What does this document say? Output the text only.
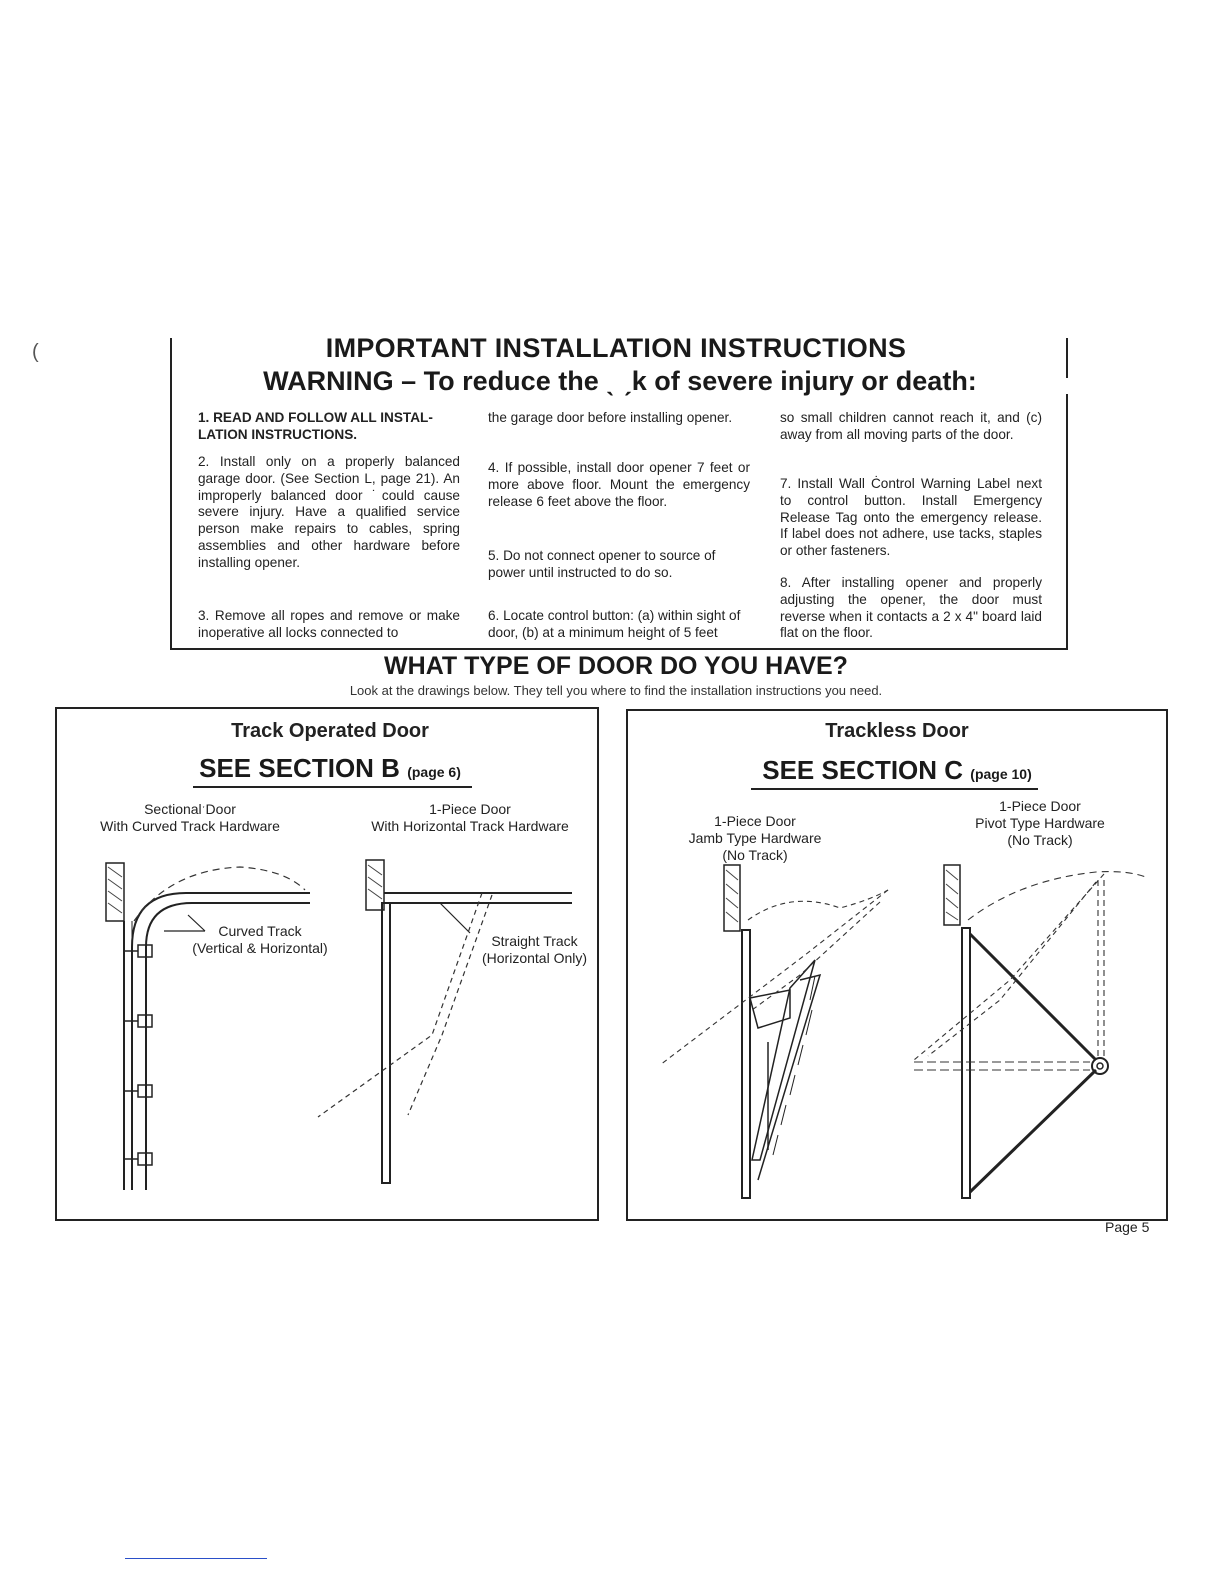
(	IMPORTANT INSTALLATION INSTRUCTIONS
WARNING – To reduce the ˎ ˏk of severe injury or death:

1. READ AND FOLLOW ALL INSTAL-
LATION INSTRUCTIONS.

2. Install only on a properly balanced garage door. (See Section L, page 21). An improperly balanced door ˙could cause severe injury. Have a qualified service person make repairs to cables, spring assemblies and other hardware before installing opener.

3. Remove all ropes and remove or make inoperative all locks connected to

the garage door before installing opener.

4. If possible, install door opener 7 feet or more above floor. Mount the emergency release 6 feet above the floor.

5. Do not connect opener to source of power until instructed to do so.

6. Locate control button: (a) within sight of door, (b) at a minimum height of 5 feet

so small children cannot reach it, and (c) away from all moving parts of the door.

7. Install Wall Ċontrol Warning Label next to control button. Install Emergency Release Tag onto the emergency release. If label does not adhere, use tacks, staples or other fasteners.

8. After installing opener and properly adjusting the opener, the door must reverse when it contacts a 2 x 4" board laid flat on the floor.

WHAT TYPE OF DOOR DO YOU HAVE?
Look at the drawings below. They tell you where to find the installation instructions you need.
Track Operated Door
SEE SECTION B (page 6)
SectionalˑDoor
With Curved Track Hardware
1-Piece Door
With Horizontal Track Hardware
Curved Track
(Vertical & Horizontal)	Straight Track
(Horizontal Only)
Trackless Door
SEE SECTION C (page 10)
1-Piece Door
Jamb Type Hardware
(No Track)
1-Piece Door
Pivot Type Hardware
(No Track)
Page 5
